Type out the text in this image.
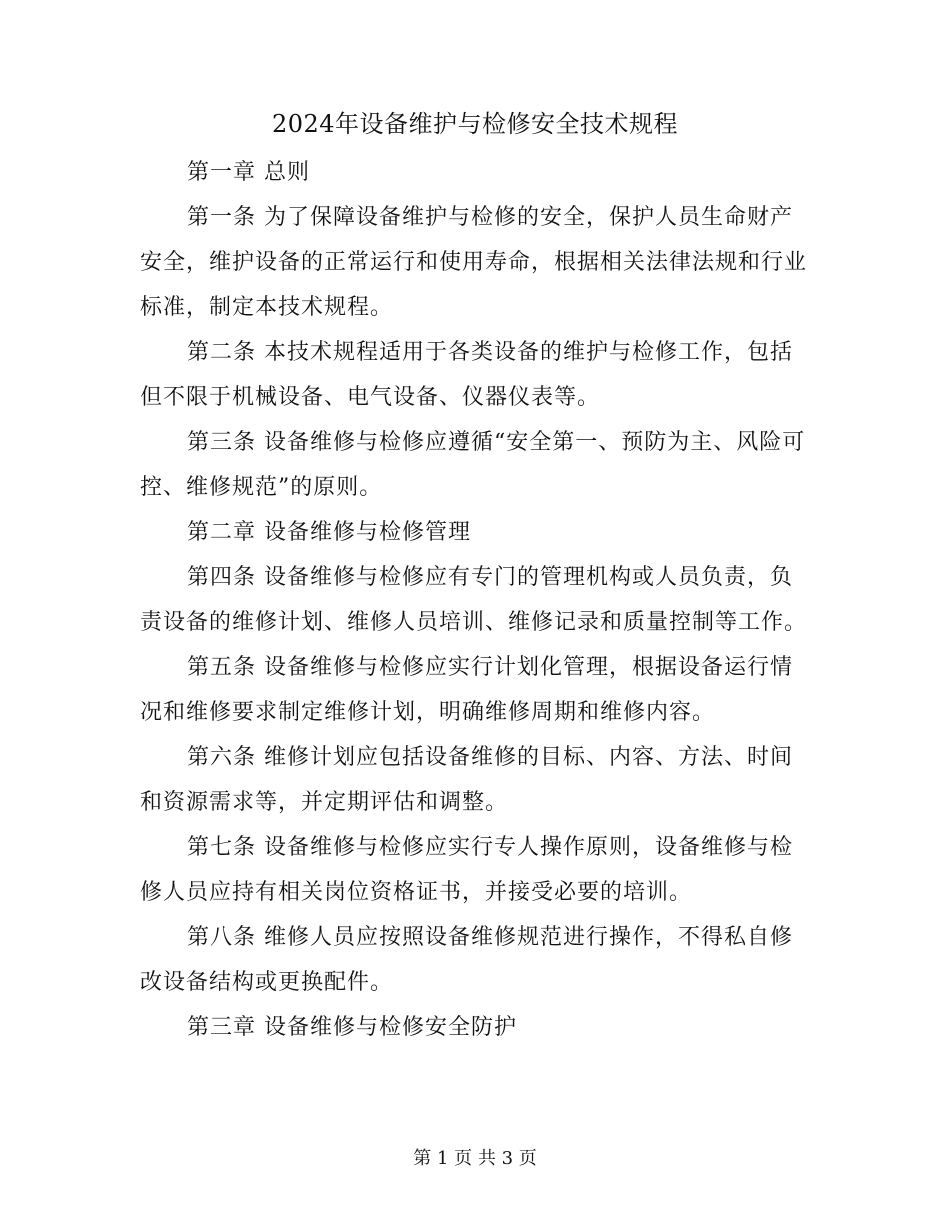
2024年设备维护与检修安全技术规程

第一章 总则

第一条 为了保障设备维护与检修的安全，保护人员生命财产安全，维护设备的正常运行和使用寿命，根据相关法律法规和行业标准，制定本技术规程。

第二条 本技术规程适用于各类设备的维护与检修工作，包括但不限于机械设备、电气设备、仪器仪表等。

第三条 设备维修与检修应遵循“安全第一、预防为主、风险可控、维修规范”的原则。

第二章 设备维修与检修管理

第四条 设备维修与检修应有专门的管理机构或人员负责，负责设备的维修计划、维修人员培训、维修记录和质量控制等工作。

第五条 设备维修与检修应实行计划化管理，根据设备运行情况和维修要求制定维修计划，明确维修周期和维修内容。

第六条 维修计划应包括设备维修的目标、内容、方法、时间和资源需求等，并定期评估和调整。

第七条 设备维修与检修应实行专人操作原则，设备维修与检修人员应持有相关岗位资格证书，并接受必要的培训。

第八条 维修人员应按照设备维修规范进行操作，不得私自修改设备结构或更换配件。

第三章 设备维修与检修安全防护

第 1 页 共 3 页
